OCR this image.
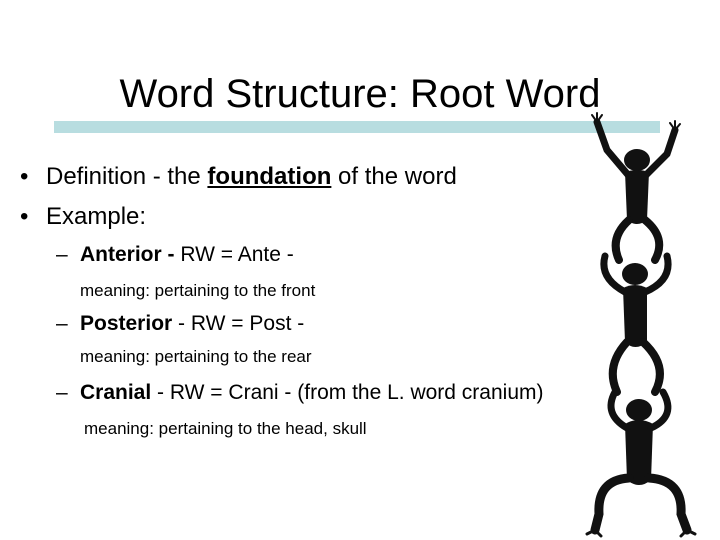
Word Structure: Root Word
• Definition - the foundation of the word
• Example:
– Anterior - RW = Ante -
meaning: pertaining to the front
– Posterior - RW = Post -
meaning: pertaining to the rear
– Cranial - RW = Crani - (from the L. word cranium)
meaning: pertaining to the head, skull
